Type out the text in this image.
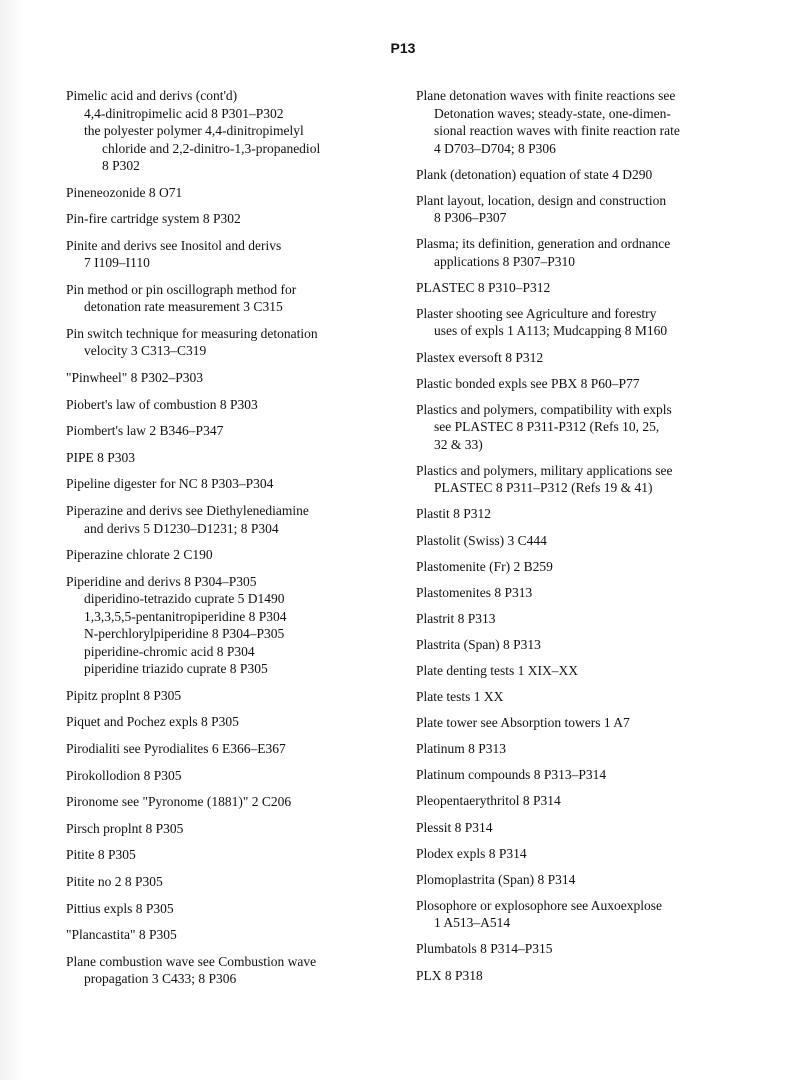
P13
Pimelic acid and derivs (cont'd)
4,4-dinitropimelic acid 8 P301–P302
the polyester polymer 4,4-dinitropimelyl
chloride and 2,2-dinitro-1,3-propanediol
8 P302
Pineneozonide 8 O71
Pin-fire cartridge system 8 P302
Pinite and derivs see Inositol and derivs
7 I109–I110
Pin method or pin oscillograph method for
detonation rate measurement 3 C315
Pin switch technique for measuring detonation
velocity 3 C313–C319
"Pinwheel" 8 P302–P303
Piobert's law of combustion 8 P303
Piombert's law 2 B346–P347
PIPE 8 P303
Pipeline digester for NC 8 P303–P304
Piperazine and derivs see Diethylenediamine
and derivs 5 D1230–D1231; 8 P304
Piperazine chlorate 2 C190
Piperidine and derivs 8 P304–P305
diperidino-tetrazido cuprate 5 D1490
1,3,3,5,5-pentanitropiperidine 8 P304
N-perchlorylpiperidine 8 P304–P305
piperidine-chromic acid 8 P304
piperidine triazido cuprate 8 P305
Pipitz proplnt 8 P305
Piquet and Pochez expls 8 P305
Pirodialiti see Pyrodialites 6 E366–E367
Pirokollodion 8 P305
Pironome see "Pyronome (1881)" 2 C206
Pirsch proplnt 8 P305
Pitite 8 P305
Pitite no 2 8 P305
Pittius expls 8 P305
"Plancastita" 8 P305
Plane combustion wave see Combustion wave
propagation 3 C433; 8 P306
Plane detonation waves with finite reactions see
Detonation waves; steady-state, one-dimen-
sional reaction waves with finite reaction rate
4 D703–D704; 8 P306
Plank (detonation) equation of state 4 D290
Plant layout, location, design and construction
8 P306–P307
Plasma; its definition, generation and ordnance
applications 8 P307–P310
PLASTEC 8 P310–P312
Plaster shooting see Agriculture and forestry
uses of expls 1 A113; Mudcapping 8 M160
Plastex eversoft 8 P312
Plastic bonded expls see PBX 8 P60–P77
Plastics and polymers, compatibility with expls
see PLASTEC 8 P311-P312 (Refs 10, 25,
32 & 33)
Plastics and polymers, military applications see
PLASTEC 8 P311–P312 (Refs 19 & 41)
Plastit 8 P312
Plastolit (Swiss) 3 C444
Plastomenite (Fr) 2 B259
Plastomenites 8 P313
Plastrit 8 P313
Plastrita (Span) 8 P313
Plate denting tests 1 XIX–XX
Plate tests 1 XX
Plate tower see Absorption towers 1 A7
Platinum 8 P313
Platinum compounds 8 P313–P314
Pleopentaerythritol 8 P314
Plessit 8 P314
Plodex expls 8 P314
Plomoplastrita (Span) 8 P314
Plosophore or explosophore see Auxoexplose
1 A513–A514
Plumbatols 8 P314–P315
PLX 8 P318
